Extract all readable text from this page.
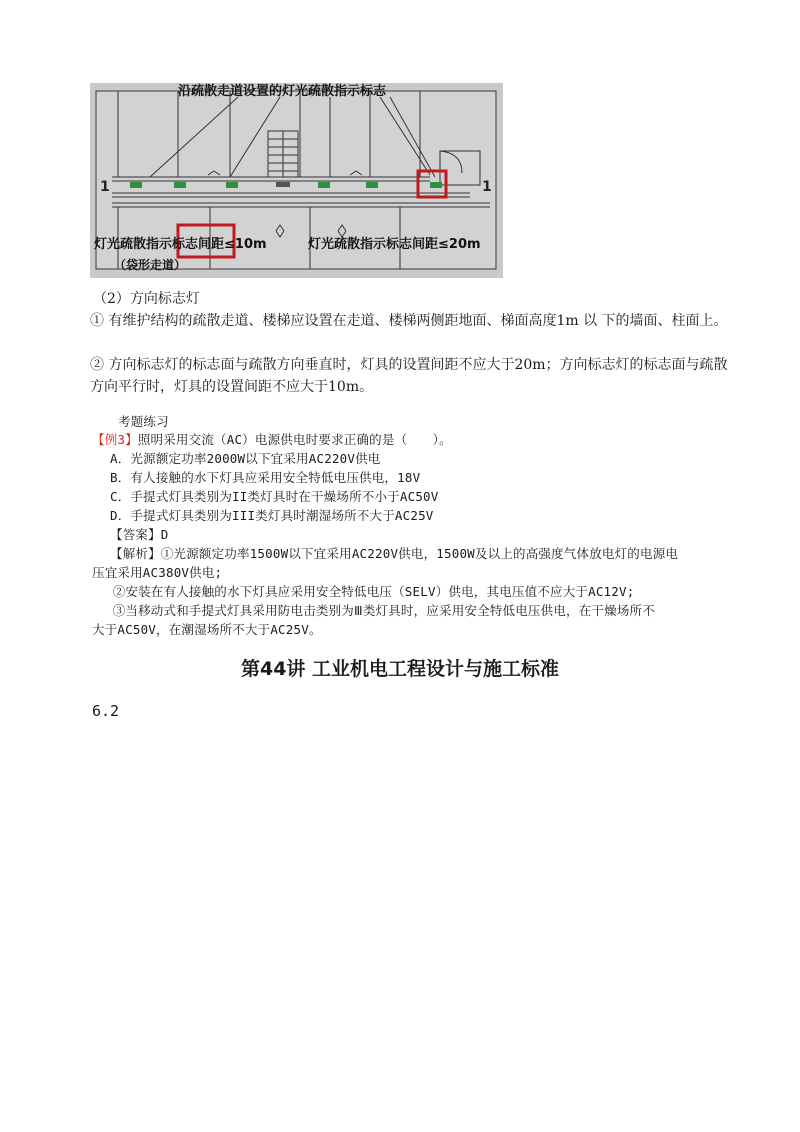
1	1
沿疏散走道设置的灯光疏散指示标志
灯光疏散指示标志间距≤10m
（袋形走道）
灯光疏散指示标志间距≤20m

（2）方向标志灯

① 有维护结构的疏散走道、楼梯应设置在走道、楼梯两侧距地面、梯面高度1m 以 下的墙面、柱面上。

② 方向标志灯的标志面与疏散方向垂直时，灯具的设置间距不应大于20m；方向标志灯的标志面与疏散方向平行时，灯具的设置间距不应大于10m。

考题练习

【例3】照明采用交流（AC）电源供电时要求正确的是（　　）。

A．光源额定功率2000W以下宜采用AC220V供电

B．有人接触的水下灯具应采用安全特低电压供电，18V

C．手提式灯具类别为II类灯具时在干燥场所不小于AC50V

D．手提式灯具类别为III类灯具时潮湿场所不大于AC25V

【答案】D

【解析】①光源额定功率1500W以下宜采用AC220V供电，1500W及以上的高强度气体放电灯的电源电

压宜采用AC380V供电;

　②安装在有人接触的水下灯具应采用安全特低电压（SELV）供电，其电压值不应大于AC12V;

　③当移动式和手提式灯具采用防电击类别为Ⅲ类灯具时，应采用安全特低电压供电，在干燥场所不

大于AC50V，在潮湿场所不大于AC25V。

第44讲 工业机电工程设计与施工标准
6.2
